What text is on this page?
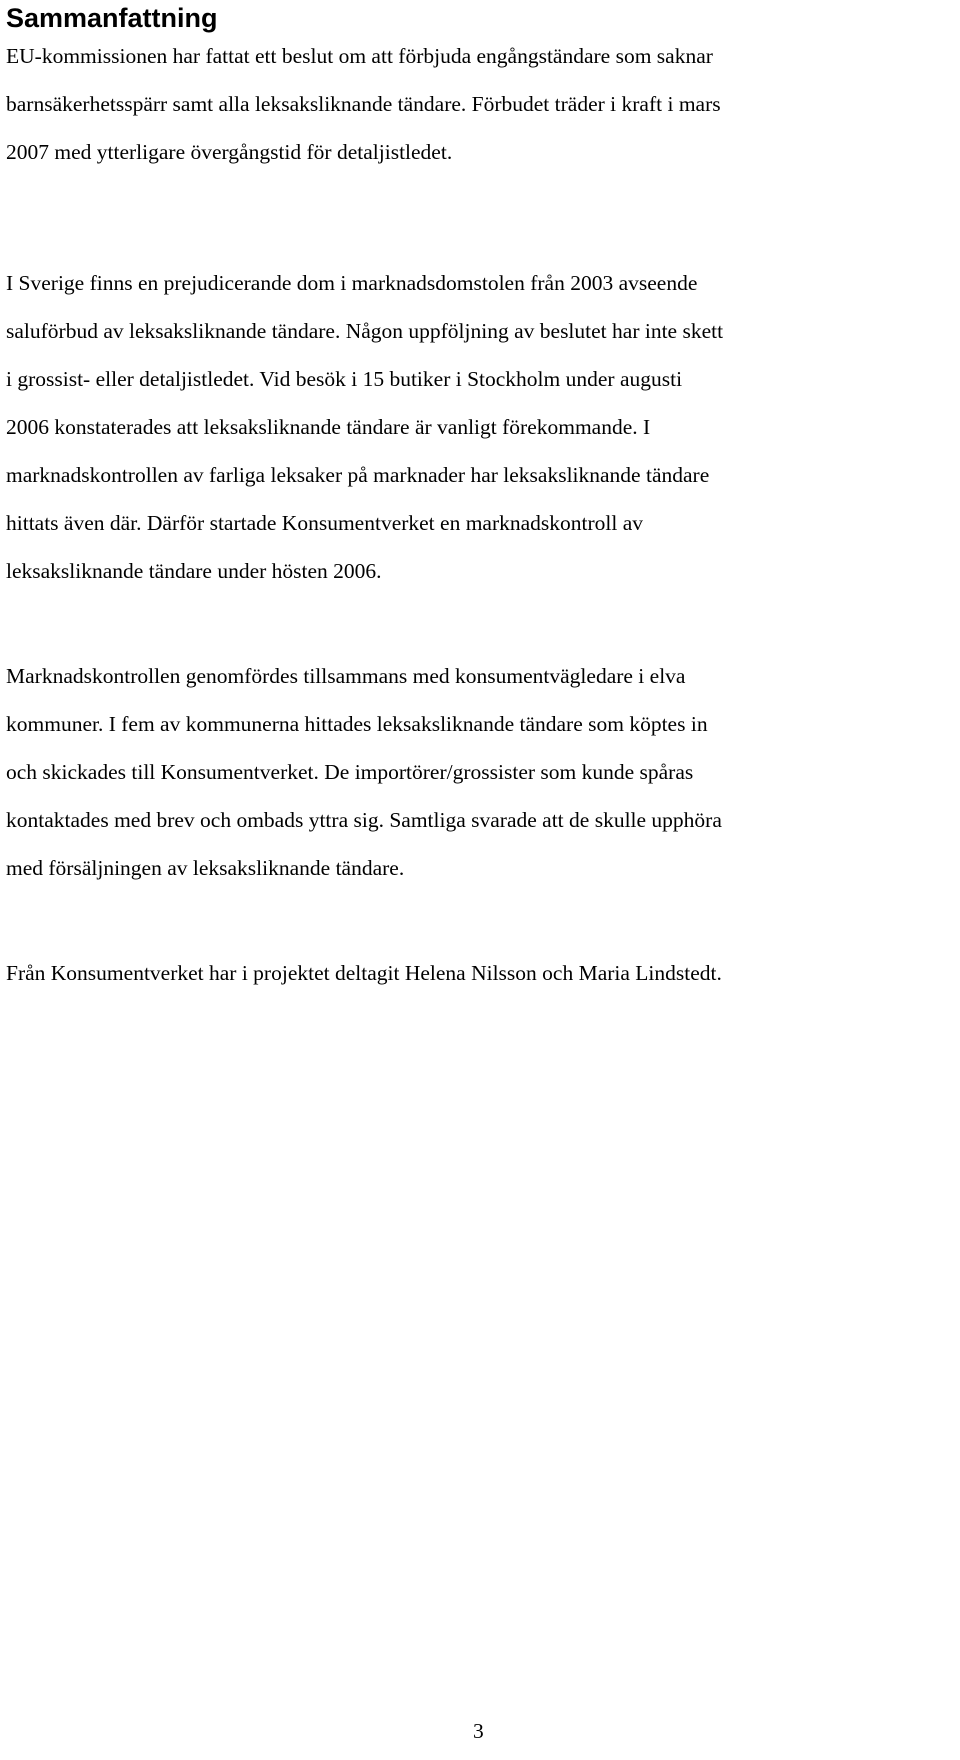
Sammanfattning

EU-kommissionen har fattat ett beslut om att förbjuda engångständare som saknar
barnsäkerhetsspärr samt alla leksaksliknande tändare. Förbudet träder i kraft i mars
2007 med ytterligare övergångstid för detaljistledet.

I Sverige finns en prejudicerande dom i marknadsdomstolen från 2003 avseende
saluförbud av leksaksliknande tändare. Någon uppföljning av beslutet har inte skett
i grossist- eller detaljistledet. Vid besök i 15 butiker i Stockholm under augusti
2006 konstaterades att leksaksliknande tändare är vanligt förekommande. I
marknadskontrollen av farliga leksaker på marknader har leksaksliknande tändare
hittats även där. Därför startade Konsumentverket en marknadskontroll av
leksaksliknande tändare under hösten 2006.

Marknadskontrollen genomfördes tillsammans med konsumentvägledare i elva
kommuner. I fem av kommunerna hittades leksaksliknande tändare som köptes in
och skickades till Konsumentverket. De importörer/grossister som kunde spåras
kontaktades med brev och ombads yttra sig. Samtliga svarade att de skulle upphöra
med försäljningen av leksaksliknande tändare.

Från Konsumentverket har i projektet deltagit Helena Nilsson och Maria Lindstedt.

3
